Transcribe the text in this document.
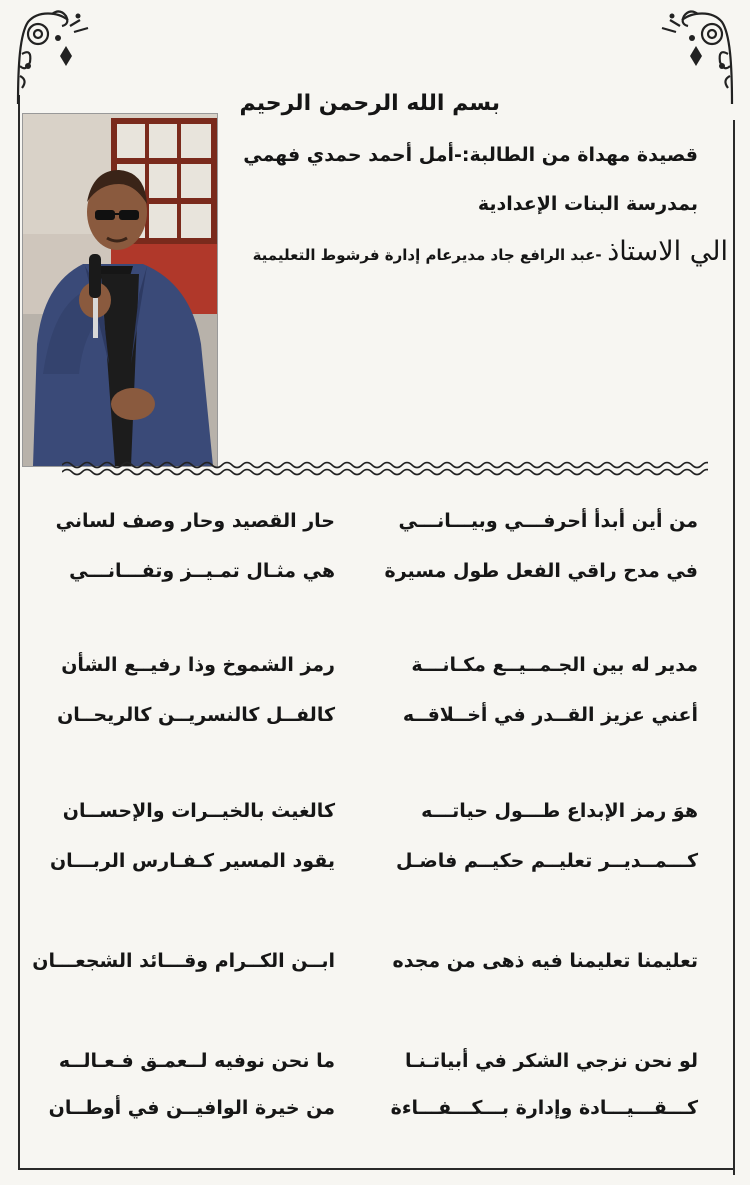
بسم الله الرحمن الرحيم
قصيدة مهداة من الطالبة:-أمل أحمد حمدي فهمي
بمدرسة البنات الإعدادية
الي الاستاذ -عبد الرافع جاد مديرعام إدارة فرشوط التعليمية
من أين أبدأ أحرفـــي وبيـــانـــي
حار القصيد وحار وصف لساني
في مدح راقي الفعل طول مسيرة
هي مثـال تمـيــز وتفـــانـــي
مدير له بين الجـمــيــع مكـانـــة
رمز الشموخ وذا رفيــع الشأن
أعني عزيز القــدر في أخــلاقــه
كالفــل كالنسريــن كالريحــان
هوَ رمز الإبداع طـــول حياتـــه
كالغيث بالخيــرات والإحســان
كـــمــديــر تعليــم حكيــم فاضـل
يقود المسير كـفـارس الربـــان
تعليمنا تعليمنا فيه ذهى من مجده
ابــن الكــرام وقـــائد الشجعـــان
لو نحن نزجي الشكر في أبياتـنـا
ما نحن نوفيه لــعمـق فـعـالــه
كـــقـــيـــادة وإدارة بـــكـــفـــاءة
من خيرة الوافيــن في أوطــان
